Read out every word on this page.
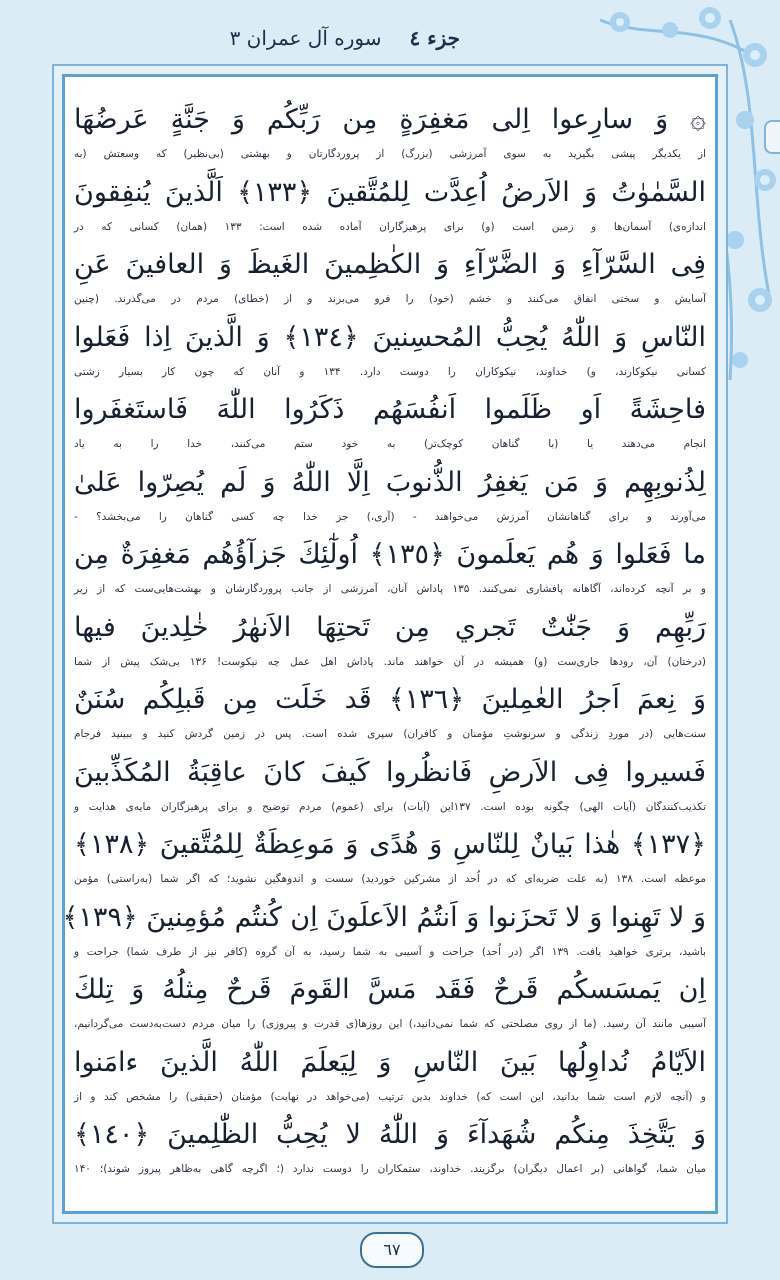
جزء ٤
سوره آل عمران ٣
۞ وَ سارِعوا اِلى مَغفِرَةٍ مِن رَبِّكُم وَ جَنَّةٍ عَرضُهَا
از یکدیگر پیشی بگیرید به سوی آمرزشی (بزرگ) از پروردگارتان و بهشتی (بی‌نظیر) که وسعتش (به
السَّمٰوٰتُ وَ الاَرضُ اُعِدَّت لِلمُتَّقينَ ﴿١٣٣﴾ اَلَّذينَ يُنفِقونَ
اندازه‌ی) آسمان‌ها و زمین است (و) برای پرهیزگاران آماده شده است: ۱۳۳ (همان) کسانی که در
فِى السَّرّآءِ وَ الضَّرّآءِ وَ الكٰظِمينَ الغَيظَ وَ العافينَ عَنِ
آسایش و سختی انفاق می‌کنند و خشم (خود) را فرو می‌برند و از (خطای) مردم در می‌گذرند. (چنین
النّاسِ وَ اللّٰهُ يُحِبُّ المُحسِنينَ ﴿١٣٤﴾ وَ الَّذينَ اِذا فَعَلوا
کسانی نیکوکارند، و) خداوند، نیکوکاران را دوست دارد. ۱۳۴ و آنان که چون کار بسیار زشتی
فاحِشَةً اَو ظَلَموا اَنفُسَهُم ذَكَرُوا اللّٰهَ فَاستَغفَروا
انجام می‌دهند یا (با گناهان کوچک‌تر) به خود ستم می‌کنند، خدا را به یاد
لِذُنوبِهِم وَ مَن يَغفِرُ الذُّنوبَ اِلَّا اللّٰهُ وَ لَم يُصِرّوا عَلىٰ
می‌آورند و برای گناهانشان آمرزش می‌خواهند - (آری،) جز خدا چه کسی گناهان را می‌بخشد؟ -
ما فَعَلوا وَ هُم يَعلَمونَ ﴿١٣٥﴾ اُولٰٓئِكَ جَزآؤُهُم مَغفِرَةٌ مِن
و بر آنچه کرده‌اند، آگاهانه پافشاری نمی‌کنند. ۱۳۵ پاداش آنان، آمرزشی از جانب پروردگارشان و بهشت‌هایی‌ست که از زیر
رَبِّهِم وَ جَنّٰتٌ تَجري مِن تَحتِهَا الاَنهٰرُ خٰلِدينَ فيها
(درختان) آن، رودها جاری‌ست (و) همیشه در آن خواهند ماند. پاداش اهل عمل چه نیکوست! ۱۳۶ بی‌شک پیش از شما
وَ نِعمَ اَجرُ العٰمِلينَ ﴿١٣٦﴾ قَد خَلَت مِن قَبلِكُم سُنَنٌ
سنت‌هایی (در موردِ زندگی و سرنوشتِ مؤمنان و کافران) سپری شده است. پس در زمین گردش کنید و ببینید فرجام
فَسيروا فِى الاَرضِ فَانظُروا كَيفَ كانَ عاقِبَةُ المُكَذِّبينَ
تکذیب‌کنندگان (آیات الهی) چگونه بوده است. ۱۳۷این (آیات) برای (عموم) مردم توضیح و برای پرهیزگاران مایه‌ی هدایت و
﴿١٣٧﴾ هٰذا بَيانٌ لِلنّاسِ وَ هُدًى وَ مَوعِظَةٌ لِلمُتَّقينَ ﴿١٣٨﴾
موعظه است. ۱۳۸ (به علت ضربه‌ای که در اُحد از مشرکین خوردید) سست و اندوهگین نشوید؛ که اگر شما (به‌راستی) مؤمن
وَ لا تَهِنوا وَ لا تَحزَنوا وَ اَنتُمُ الاَعلَونَ اِن كُنتُم مُؤمِنينَ ﴿١٣٩﴾
باشید، برتری خواهید یافت. ۱۳۹ اگر (در اُحد) جراحت و آسیبی به شما رسید، به آن گروه (کافر نیز از طرف شما) جراحت و
اِن يَمسَسكُم قَرحٌ فَقَد مَسَّ القَومَ قَرحٌ مِثلُهُ وَ تِلكَ
آسیبی مانند آن رسید. (ما از روی مصلحتی که شما نمی‌دانید،) این روزها(ی قدرت و پیروزی) را میان مردم دست‌به‌دست می‌گردانیم،
الاَيّامُ نُداوِلُها بَينَ النّاسِ وَ لِيَعلَمَ اللّٰهُ الَّذينَ ءامَنوا
و (آنچه لازم است شما بدانید، این است که) خداوند بدین ترتیب (می‌خواهد در نهایت) مؤمنان (حقیقی) را مشخص کند و از
وَ يَتَّخِذَ مِنكُم شُهَدآءَ وَ اللّٰهُ لا يُحِبُّ الظّٰلِمينَ ﴿١٤٠﴾
میان شما، گواهانی (بر اعمال دیگران) برگزیند. خداوند، ستمکاران را دوست ندارد (؛ اگرچه گاهی به‌ظاهر پیروز شوند)؛ ۱۴۰
٦٧
